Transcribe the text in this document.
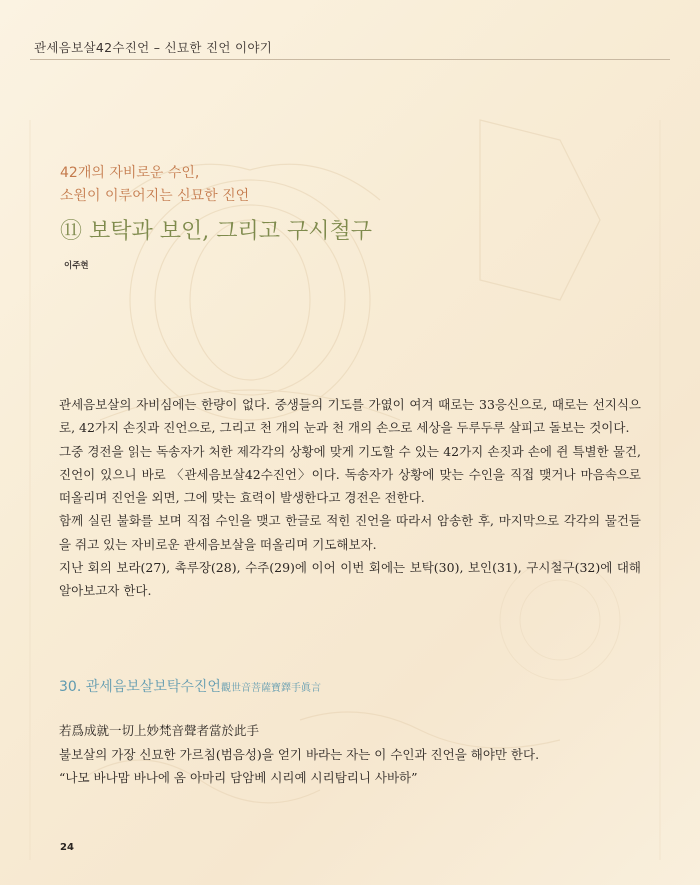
관세음보살42수진언 – 신묘한 진언 이야기
42개의 자비로운 수인,
소원이 이루어지는 신묘한 진언
⑪ 보탁과 보인, 그리고 구시철구
이주현

관세음보살의 자비심에는 한량이 없다. 중생들의 기도를 가엾이 여겨 때로는 33응신으로, 때로는 선지식으로, 42가지 손짓과 진언으로, 그리고 천 개의 눈과 천 개의 손으로 세상을 두루두루 살피고 돌보는 것이다.

그중 경전을 읽는 독송자가 처한 제각각의 상황에 맞게 기도할 수 있는 42가지 손짓과 손에 쥔 특별한 물건, 진언이 있으니 바로 〈관세음보살42수진언〉이다. 독송자가 상황에 맞는 수인을 직접 맺거나 마음속으로 떠올리며 진언을 외면, 그에 맞는 효력이 발생한다고 경전은 전한다.

함께 실린 불화를 보며 직접 수인을 맺고 한글로 적힌 진언을 따라서 암송한 후, 마지막으로 각각의 물건들을 쥐고 있는 자비로운 관세음보살을 떠올리며 기도해보자.

지난 회의 보라(27), 촉루장(28), 수주(29)에 이어 이번 회에는 보탁(30), 보인(31), 구시철구(32)에 대해 알아보고자 한다.

30. 관세음보살보탁수진언觀世音菩薩寶鐸手眞言
若爲成就一切上妙梵音聲者當於此手
불보살의 가장 신묘한 가르침(범음성)을 얻기 바라는 자는 이 수인과 진언을 해야만 한다.
“나모 바나맘 바나에 옴 아마리 담암베 시리예 시리탐리니 사바하”
24
